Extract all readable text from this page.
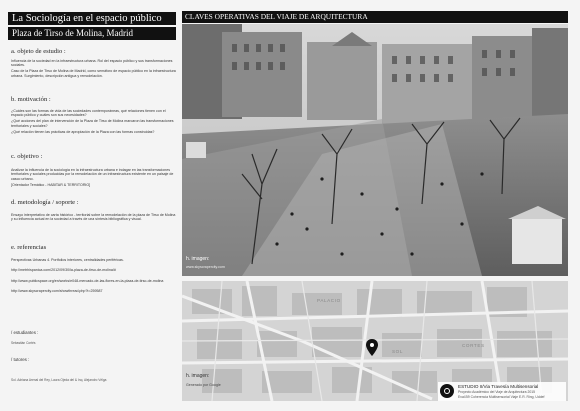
La Sociología en el espacio público
Plaza de Tirso de Molina, Madrid
a. objeto de estudio :

Influencia de la sociedad en la infraestructura urbana. Rol del espacio público y sus transformaciones sociales.

Caso de la Plaza de Tirso de Molina de Madrid, como semáforo de espacio público en la infraestructura urbana. Surgimiento, descripción antigua y remodelación.

b. motivación :

¿Cuáles son las formas de vida de las sociedades contemporáneas, qué relaciones tienen con el espacio público y cuáles son sus necesidades?

¿Qué acciones del plan de intervención de la Plaza de Tirso de Molina marcaron las transformaciones territoriales y sociales?

¿Qué relación tienen las prácticas de apropiación de la Plaza con las formas construidas?

c. objetivo :

Analizar la influencia de la sociología en la infraestructura urbana e indagar en las transformaciones territoriales y sociales producidas por la remodelación de un infraestructura existente en un paisaje de casco urbano.

[Orientador Temático - HABITAR & TERRITORIO]

d. metodología / soporte :

Ensayo interpretativo de carta histórico - territorial sobre la remodelación de la plaza de Tirso de Molina y su influencia actual en la sociedad a través de una síntesis bibliográfica y visual.

e. referencias

Perspectivas Urbanas 4. Portfolios interiores, centralidades periféricas.

http://metrhispanica.com/2012/09/30/la-plaza-de-tirso-de-molina/#

http://www.publicspace.org/en/works/e048-mercado-de-las-flores-en-la-plaza-de-tirso-de-molina

http://www.skyscrapercity.com/showthread.php?t=259587

/ estudiantes :
Sebastián Cortés
/ tutores :
Sol. Adriana Arenal del Rey, Laura Ojeda del & Inq. Alejandro Vélga
CLAVES OPERATIVAS DEL VIAJE DE ARQUITECTURA
h. imagen:
www.skyscrapercity.com
PALACIO
CORTES
SOL
h. imagen:
Generado por Google	ESTUDIO II/Via Travesía Multisensorial
Proyecto Académico del Viaje de Arquitectura 2015
Eval.B9 Coherencia Multisensorial Viaje E.R. Ring, Uddef
